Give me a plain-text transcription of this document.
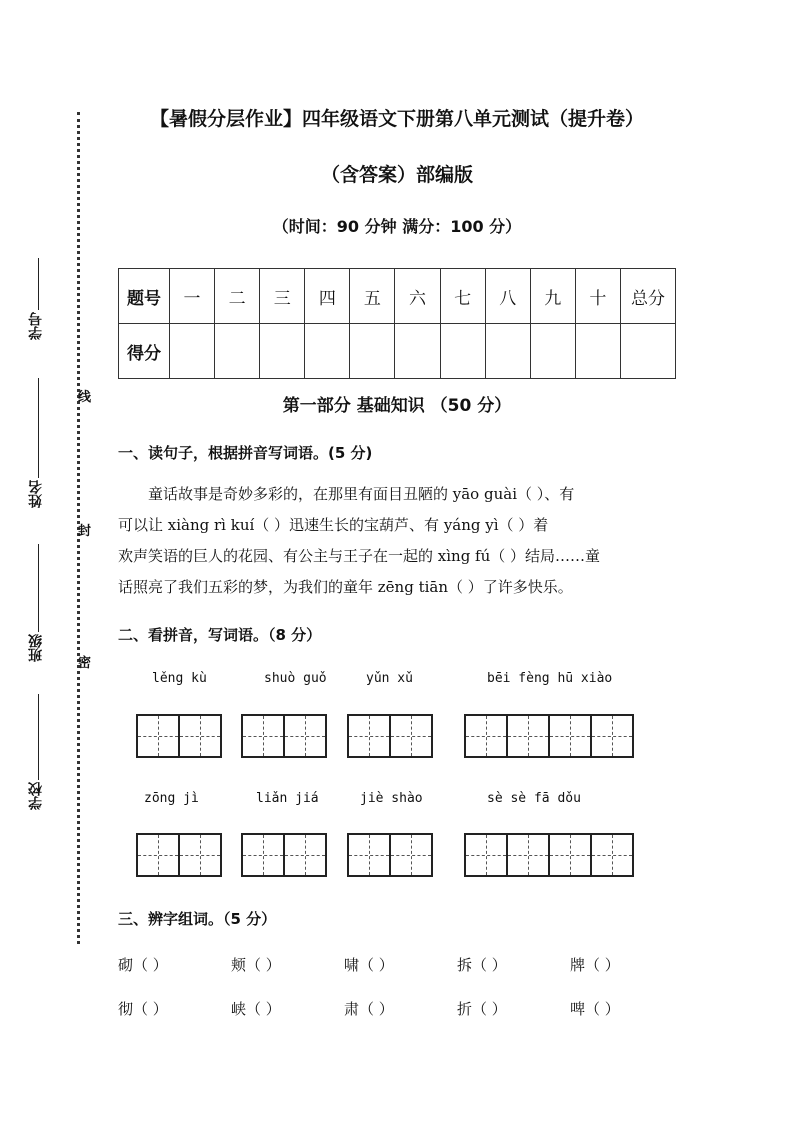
【暑假分层作业】四年级语文下册第八单元测试（提升卷）
（含答案）部编版
（时间：90 分钟 满分：100 分）
学号
姓名
班级
学校
线
封
密
题号	一	二	三	四	五	六	七	八	九	十	总分
得分											
第一部分 基础知识 （50 分）
一、读句子，根据拼音写词语。(5 分)
　　童话故事是奇妙多彩的，在那里有面目丑陋的 yāo guài（ ）、有
可以让 xiàng rì kuí（ ）迅速生长的宝葫芦、有 yáng yì（ ）着
欢声笑语的巨人的花园、有公主与王子在一起的 xìng fú（ ）结局……童
话照亮了我们五彩的梦，为我们的童年 zēng tiān（ ）了许多快乐。
二、看拼音，写词语。（8 分）
lěng kù	shuò guǒ	yǔn xǔ	bēi fèng hū xiào
zōng jì	liǎn jiá	jiè shào	sè sè fā dǒu
三、辨字组词。（5 分）
砌（ ）	颊（ ）	啸（ ）	拆（ ）	牌（ ）
彻（ ）	峡（ ）	肃（ ）	折（ ）	啤（ ）
